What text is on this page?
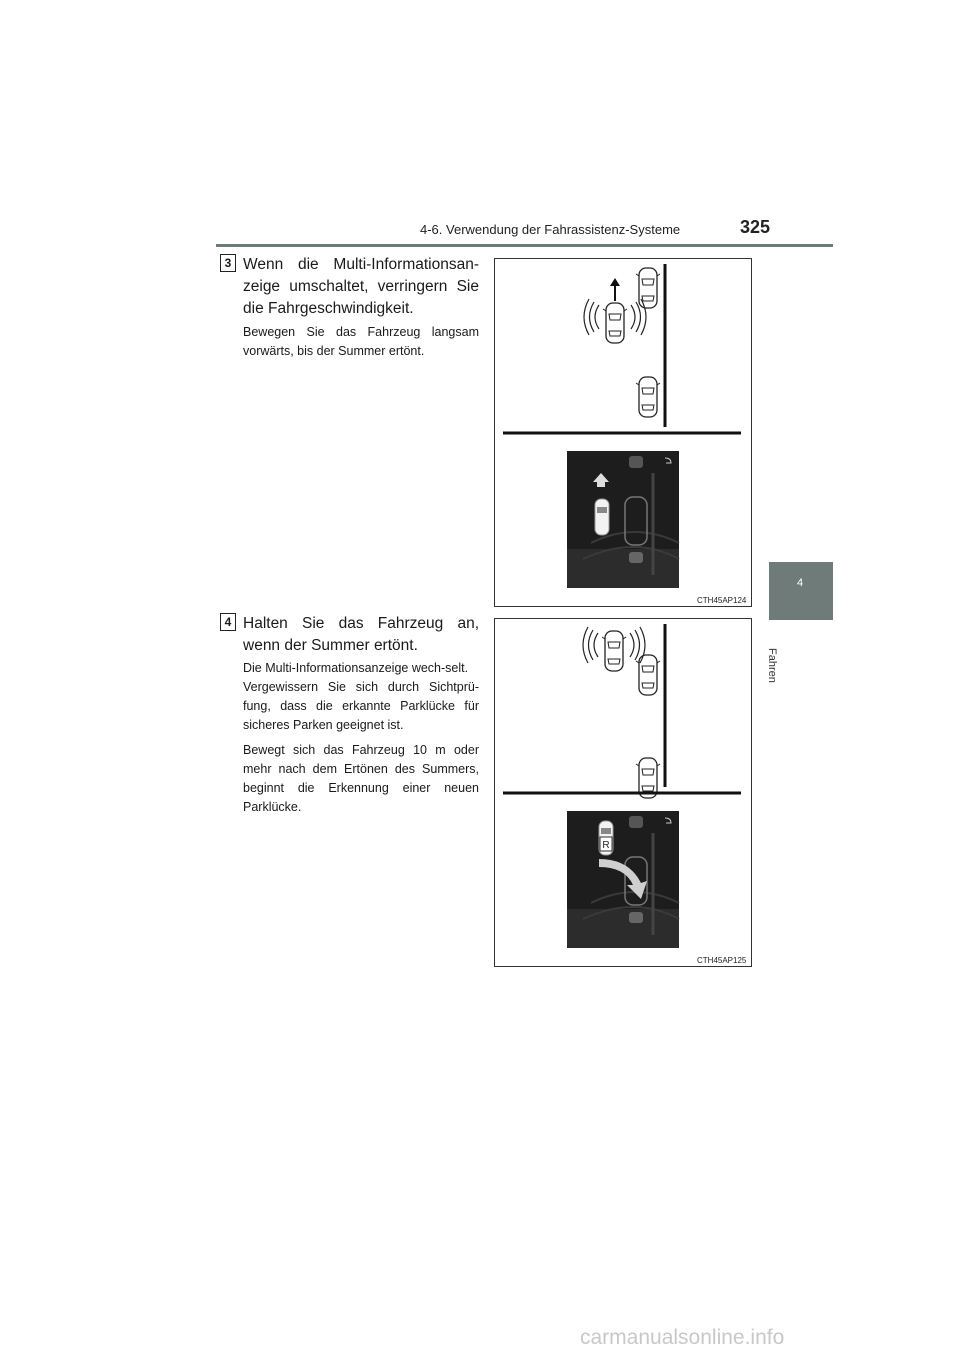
4-6. Verwendung der Fahrassistenz-Systeme	325
4
Fahren
3 Wenn die Multi-Informationsan-zeige umschaltet, verringern Sie die Fahrgeschwindigkeit.

Bewegen Sie das Fahrzeug langsam vorwärts, bis der Summer ertönt.

CTH45AP124
4 Halten Sie das Fahrzeug an, wenn der Summer ertönt.

Die Multi-Informationsanzeige wech-selt.
Vergewissern Sie sich durch Sichtprü-fung, dass die erkannte Parklücke für sicheres Parken geeignet ist.

Bewegt sich das Fahrzeug 10 m oder mehr nach dem Ertönen des Summers, beginnt die Erkennung einer neuen Parklücke.

R
CTH45AP125
carmanualsonline.info
